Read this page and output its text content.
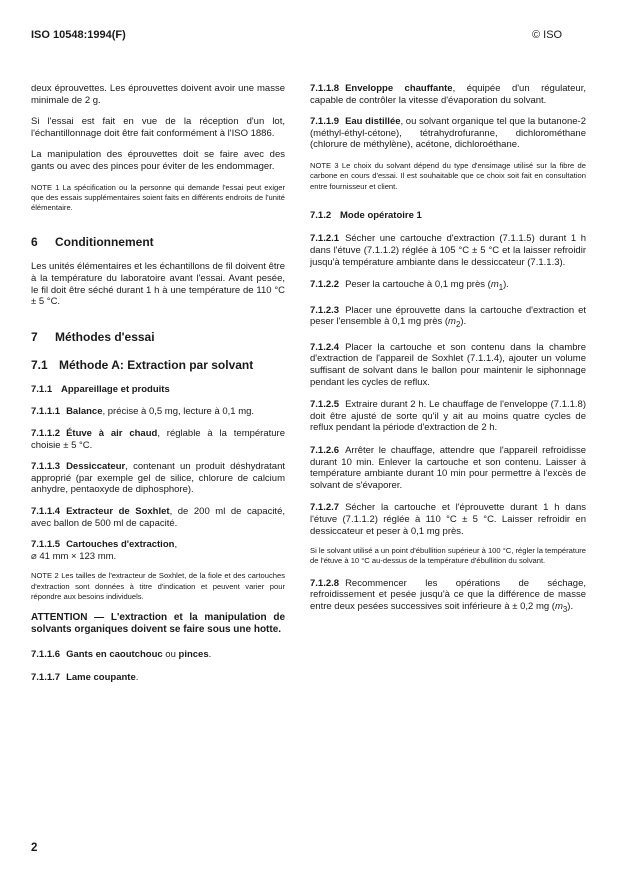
ISO 10548:1994(F)	© ISO

deux éprouvettes. Les éprouvettes doivent avoir une masse minimale de 2 g.

Si l'essai est fait en vue de la réception d'un lot, l'échantillonnage doit être fait conformément à l'ISO 1886.

La manipulation des éprouvettes doit se faire avec des gants ou avec des pinces pour éviter de les endommager.

NOTE 1 La spécification ou la personne qui demande l'essai peut exiger que des essais supplémentaires soient faits en différents endroits de l'unité élémentaire.

6 Conditionnement

Les unités élémentaires et les échantillons de fil doivent être à la température du laboratoire avant l'essai. Avant pesée, le fil doit être séché durant 1 h à une température de 110 °C ± 5 °C.

7 Méthodes d'essai
7.1 Méthode A: Extraction par solvant
7.1.1 Appareillage et produits

7.1.1.1 Balance, précise à 0,5 mg, lecture à 0,1 mg.

7.1.1.2 Étuve à air chaud, réglable à la température choisie ± 5 °C.

7.1.1.3 Dessiccateur, contenant un produit déshydratant approprié (par exemple gel de silice, chlorure de calcium anhydre, pentaoxyde de diphosphore).

7.1.1.4 Extracteur de Soxhlet, de 200 ml de capacité, avec ballon de 500 ml de capacité.

7.1.1.5 Cartouches d'extraction,
⌀ 41 mm × 123 mm.

NOTE 2 Les tailles de l'extracteur de Soxhlet, de la fiole et des cartouches d'extraction sont données à titre d'indication et peuvent varier pour répondre aux besoins individuels.

ATTENTION — L'extraction et la manipulation de solvants organiques doivent se faire sous une hotte.

7.1.1.6 Gants en caoutchouc ou pinces.

7.1.1.7 Lame coupante.

7.1.1.8 Enveloppe chauffante, équipée d'un régulateur, capable de contrôler la vitesse d'évaporation du solvant.

7.1.1.9 Eau distillée, ou solvant organique tel que la butanone-2 (méthyl-éthyl-cétone), tétrahydrofuranne, dichlorométhane (chlorure de méthylène), acétone, dichloroéthane.

NOTE 3 Le choix du solvant dépend du type d'ensimage utilisé sur la fibre de carbone en cours d'essai. Il est souhaitable que ce choix soit fait en consultation entre fournisseur et client.

7.1.2 Mode opératoire 1

7.1.2.1 Sécher une cartouche d'extraction (7.1.1.5) durant 1 h dans l'étuve (7.1.1.2) réglée à 105 °C ± 5 °C et la laisser refroidir jusqu'à température ambiante dans le dessiccateur (7.1.1.3).

7.1.2.2 Peser la cartouche à 0,1 mg près $(m_1)$.

7.1.2.3 Placer une éprouvette dans la cartouche d'extraction et peser l'ensemble à 0,1 mg près $(m_2)$.

7.1.2.4 Placer la cartouche et son contenu dans la chambre d'extraction de l'appareil de Soxhlet (7.1.1.4), ajouter un volume suffisant de solvant dans le ballon pour maintenir le siphonnage pendant les cycles de reflux.

7.1.2.5 Extraire durant 2 h. Le chauffage de l'enveloppe (7.1.1.8) doit être ajusté de sorte qu'il y ait au moins quatre cycles de reflux pendant la période d'extraction de 2 h.

7.1.2.6 Arrêter le chauffage, attendre que l'appareil refroidisse durant 10 min. Enlever la cartouche et son contenu. Laisser à température ambiante durant 10 min pour permettre à l'excès de solvant de s'évaporer.

7.1.2.7 Sécher la cartouche et l'éprouvette durant 1 h dans l'étuve (7.1.1.2) réglée à 110 °C ± 5 °C. Laisser refroidir en dessiccateur et peser à 0,1 mg près.

Si le solvant utilisé a un point d'ébullition supérieur à 100 °C, régler la température de l'étuve à 10 °C au-dessus de la température d'ébullition du solvant.

7.1.2.8 Recommencer les opérations de séchage, refroidissement et pesée jusqu'à ce que la différence de masse entre deux pesées successives soit inférieure à ± 0,2 mg $(m_3)$.

2
